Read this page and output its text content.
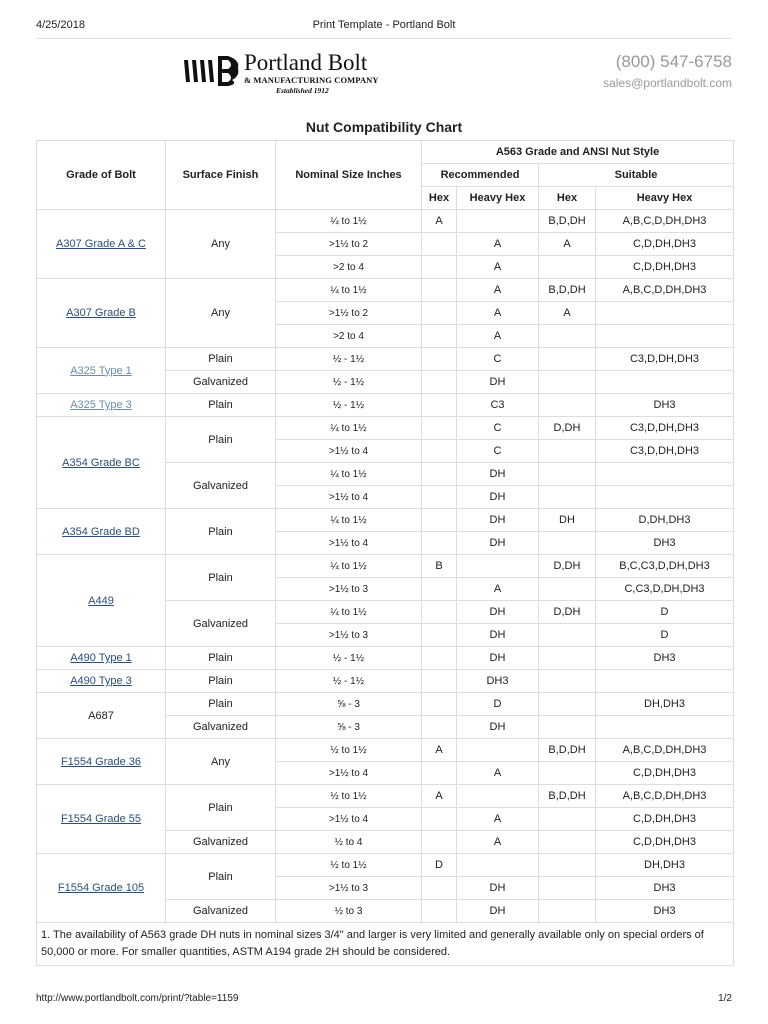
4/25/2018	Print Template - Portland Bolt
Portland Bolt
& MANUFACTURING COMPANY
Established 1912
(800) 547-6758
sales@portlandbolt.com
Nut Compatibility Chart
Grade of Bolt	Surface Finish	Nominal Size Inches	A563 Grade and ANSI Nut Style			
			Recommended		Suitable	
			Hex	Heavy Hex	Hex	Heavy Hex
A307 Grade A & C	Any	¼ to 1½	A		B,D,DH	A,B,C,D,DH,DH3
		>1½ to 2		A	A	C,D,DH,DH3
		>2 to 4		A		C,D,DH,DH3
A307 Grade B	Any	¼ to 1½		A	B,D,DH	A,B,C,D,DH,DH3
		>1½ to 2		A	A	
		>2 to 4		A		
A325 Type 1	Plain	½ - 1½		C		C3,D,DH,DH3
	Galvanized	½ - 1½		DH		
A325 Type 3	Plain	½ - 1½		C3		DH3
A354 Grade BC	Plain	¼ to 1½		C	D,DH	C3,D,DH,DH3
		>1½ to 4		C		C3,D,DH,DH3
	Galvanized	¼ to 1½		DH		
		>1½ to 4		DH		
A354 Grade BD	Plain	¼ to 1½		DH	DH	D,DH,DH3
		>1½ to 4		DH		DH3
A449	Plain	¼ to 1½	B		D,DH	B,C,C3,D,DH,DH3
		>1½ to 3		A		C,C3,D,DH,DH3
	Galvanized	¼ to 1½		DH	D,DH	D
		>1½ to 3		DH		D
A490 Type 1	Plain	½ - 1½		DH		DH3
A490 Type 3	Plain	½ - 1½		DH3		
A687	Plain	⅝ - 3		D		DH,DH3
	Galvanized	⅝ - 3		DH		
F1554 Grade 36	Any	½ to 1½	A		B,D,DH	A,B,C,D,DH,DH3
		>1½ to 4		A		C,D,DH,DH3
F1554 Grade 55	Plain	½ to 1½	A		B,D,DH	A,B,C,D,DH,DH3
		>1½ to 4		A		C,D,DH,DH3
	Galvanized	½ to 4		A		C,D,DH,DH3
F1554 Grade 105	Plain	½ to 1½	D			DH,DH3
		>1½ to 3		DH		DH3
	Galvanized	½ to 3		DH		DH3
1. The availability of A563 grade DH nuts in nominal sizes 3/4" and larger is very limited and generally available only on special orders of 50,000 or more. For smaller quantities, ASTM A194 grade 2H should be considered.						
http://www.portlandbolt.com/print/?table=1159	1/2
